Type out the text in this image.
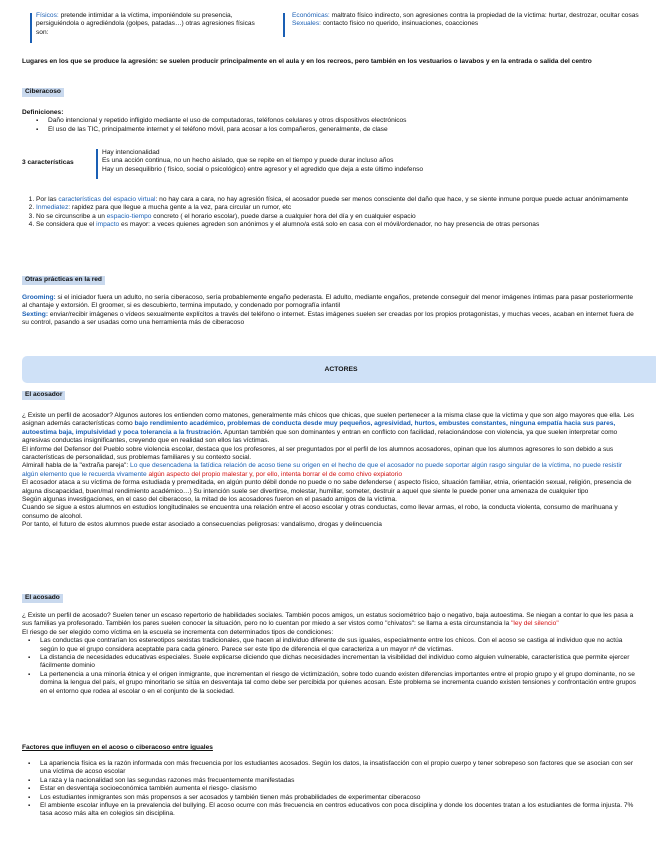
Físicos: pretende intimidar a la víctima, imponiéndole su presencia, persiguiéndola o agrediéndola (golpes, patadas…) otras agresiones físicas son:
Económicas: maltrato físico indirecto, son agresiones contra la propiedad de la víctima: hurtar, destrozar, ocultar cosas
Sexuales: contacto físico no querido, insinuaciones, coacciones
Lugares en los que se produce la agresión: se suelen producir principalmente en el aula y en los recreos, pero también en los vestuarios o lavabos y en la entrada o salida del centro
Ciberacoso
Definiciones:
▪ Daño intencional y repetido infligido mediante el uso de computadoras, teléfonos celulares y otros dispositivos electrónicos
▪ El uso de las TIC, principalmente internet y el teléfono móvil, para acosar a los compañeros, generalmente, de clase
3 características
Hay intencionalidad
Es una acción continua, no un hecho aislado, que se repite en el tiempo y puede durar incluso años
Hay un desequilibrio ( físico, social o psicológico) entre agresor y el agredido que deja a este último indefenso
1. Por las características del espacio virtual: no hay cara a cara, no hay agresión física, el acosador puede ser menos consciente del daño que hace, y se siente inmune porque puede actuar anónimamente
2. Inmediatez: rapidez para que llegue a mucha gente a la vez, para circular un rumor, etc
3. No se circunscribe a un espacio-tiempo concreto ( el horario escolar), puede darse a cualquier hora del día y en cualquier espacio
4. Se considera que el impacto es mayor: a veces quienes agreden son anónimos y el alumno/a está solo en casa con el móvil/ordenador, no hay presencia de otras personas
Otras prácticas en la red
Grooming: si el iniciador fuera un adulto, no sería ciberacoso, sería probablemente engaño pederasta. El adulto, mediante engaños, pretende conseguir del menor imágenes íntimas para pasar posteriormente al chantaje y extorsión. El groomer, si es descubierto, termina imputado, y condenado por pornografía infantil
Sexting: enviar/recibir imágenes o vídeos sexualmente explícitos a través del teléfono o internet. Estas imágenes suelen ser creadas por los propios protagonistas, y muchas veces, acaban en internet fuera de su control, pasando a ser usadas como una herramienta más de ciberacoso
ACTORES
El acosador
¿ Existe un perfil de acosador? Algunos autores los entienden como matones, generalmente más chicos que chicas, que suelen pertenecer a la misma clase que la víctima y que son algo mayores que ella. Les asignan además características como bajo rendimiento académico, problemas de conducta desde muy pequeños, agresividad, hurtos, embustes constantes, ninguna empatía hacia sus pares, autoestima baja, impulsividad y poca tolerancia a la frustración. Apuntan también que son dominantes y entran en conflicto con facilidad, relacionándose con violencia, ya que suelen interpretar como agresivas conductas insignificantes, creyendo que en realidad son ellos las víctimas.
El informe del Defensor del Pueblo sobre violencia escolar, destaca que los profesores, al ser preguntados por el perfil de los alumnos acosadores, opinan que los alumnos agresores lo son debido a sus características de personalidad, sus problemas familiares y su contexto social.
Almirall habla de la "extraña pareja": Lo que desencadena la fatídica relación de acoso tiene su origen en el hecho de que el acosador no puede soportar algún rasgo singular de la víctima, no puede resistir algún elemento que le recuerda vivamente algún aspecto del propio malestar y, por ello, intenta borrar el de como chivo expiatorio
El acosador ataca a su víctima de forma estudiada y premeditada, en algún punto débil donde no puede o no sabe defenderse ( aspecto físico, situación familiar, etnia, orientación sexual, religión, presencia de alguna discapacidad, buen/mal rendimiento académico…) Su intención suele ser divertirse, molestar, humillar, someter, destruir a aquel que siente le puede poner una amenaza de cualquier tipo
Según algunas investigaciones, en el caso del ciberacoso, la mitad de los acosadores fueron en el pasado amigos de la víctima.
Cuando se sigue a estos alumnos en estudios longitudinales se encuentra una relación entre el acoso escolar y otras conductas, como llevar armas, el robo, la conducta violenta, consumo de marihuana y consumo de alcohol.
Por tanto, el futuro de estos alumnos puede estar asociado a consecuencias peligrosas: vandalismo, drogas y delincuencia
El acosado
¿ Existe un perfil de acosado? Suelen tener un escaso repertorio de habilidades sociales. También pocos amigos, un estatus sociométrico bajo o negativo, baja autoestima. Se niegan a contar lo que les pasa a sus familias ya profesorado. También los pares suelen conocer la situación, pero no lo cuentan por miedo a ser vistos como "chivatos": se llama a esta circunstancia la "ley del silencio"
El riesgo de ser elegido como víctima en la escuela se incrementa con determinados tipos de condiciones:
▪ Las conductas que contrarían los estereotipos sexistas tradicionales, que hacen al individuo diferente de sus iguales, especialmente entre los chicos. Con el acoso se castiga al individuo que no actúa según lo que el grupo considera aceptable para cada género. Parece ser este tipo de diferencia el que caracteriza a un mayor nº de víctimas.
▪ La distancia de necesidades educativas especiales. Suele explicarse diciendo que dichas necesidades incrementan la visibilidad del individuo como alguien vulnerable, característica que permite ejercer fácilmente dominio
▪ La pertenencia a una minoría étnica y el origen inmigrante, que incrementan el riesgo de victimización, sobre todo cuando existen diferencias importantes entre el propio grupo y el grupo dominante, no se domina la lengua del país, el grupo minoritario se sitúa en desventaja tal como debe ser percibida por quienes acosan. Este problema se incrementa cuando existen tensiones y confrontación entre grupos en el entorno que rodea al escolar o en el conjunto de la sociedad.
Factores que influyen en el acoso o ciberacoso entre iguales
▪ La apariencia física es la razón informada con más frecuencia por los estudiantes acosados. Según los datos, la insatisfacción con el propio cuerpo y tener sobrepeso son factores que se asocian con ser una víctima de acoso escolar
▪ La raza y la nacionalidad son las segundas razones más frecuentemente manifestadas
▪ Estar en desventaja socioeconómica también aumenta el riesgo- clasismo
▪ Los estudiantes inmigrantes son más propensos a ser acosados y también tienen más probabilidades de experimentar ciberacoso
▪ El ambiente escolar influye en la prevalencia del bullying. El acoso ocurre con más frecuencia en centros educativos con poca disciplina y donde los docentes tratan a los estudiantes de forma injusta. 7% tasa acoso más alta en colegios sin disciplina.
